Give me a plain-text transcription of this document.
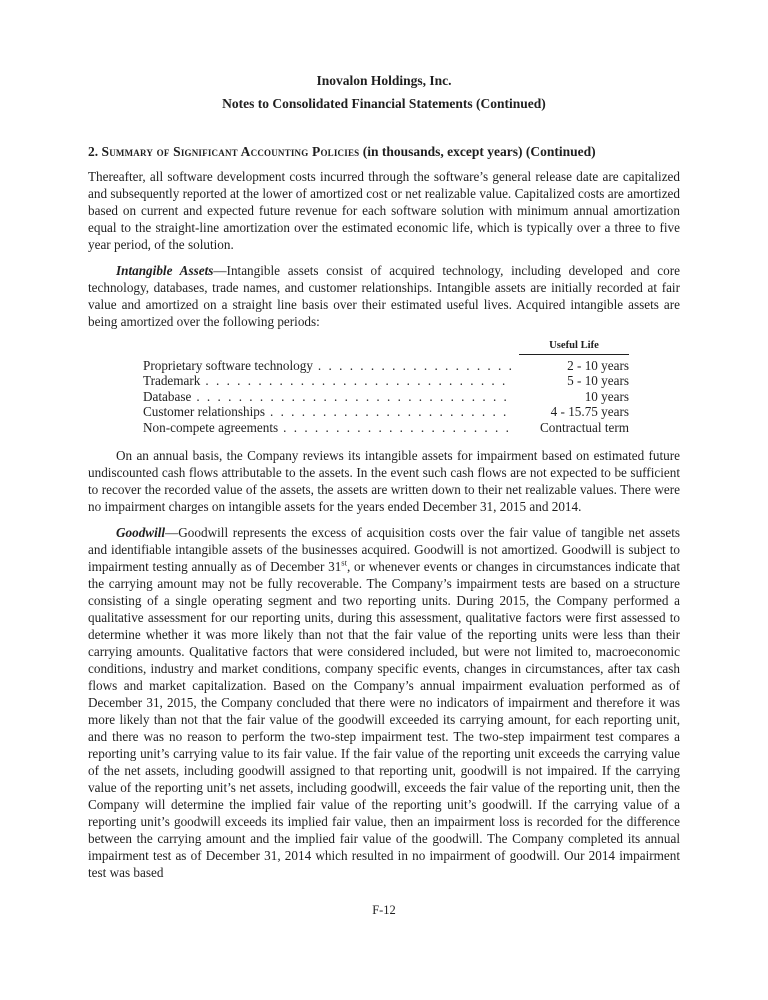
Inovalon Holdings, Inc.
Notes to Consolidated Financial Statements (Continued)
2. Summary of Significant Accounting Policies (in thousands, except years) (Continued)

Thereafter, all software development costs incurred through the software’s general release date are capitalized and subsequently reported at the lower of amortized cost or net realizable value. Capitalized costs are amortized based on current and expected future revenue for each software solution with minimum annual amortization equal to the straight-line amortization over the estimated economic life, which is typically over a three to five year period, of the solution.

Intangible Assets—Intangible assets consist of acquired technology, including developed and core technology, databases, trade names, and customer relationships. Intangible assets are initially recorded at fair value and amortized on a straight line basis over their estimated useful lives. Acquired intangible assets are being amortized over the following periods:

Useful Life
Proprietary software technology . . .	2 - 10 years
Trademark . . .	5 - 10 years
Database . . .	10 years
Customer relationships . . .	4 - 15.75 years
Non-compete agreements . . .	Contractual term

On an annual basis, the Company reviews its intangible assets for impairment based on estimated future undiscounted cash flows attributable to the assets. In the event such cash flows are not expected to be sufficient to recover the recorded value of the assets, the assets are written down to their net realizable values. There were no impairment charges on intangible assets for the years ended December 31, 2015 and 2014.

Goodwill—Goodwill represents the excess of acquisition costs over the fair value of tangible net assets and identifiable intangible assets of the businesses acquired. Goodwill is not amortized. Goodwill is subject to impairment testing annually as of December 31st, or whenever events or changes in circumstances indicate that the carrying amount may not be fully recoverable. The Company’s impairment tests are based on a structure consisting of a single operating segment and two reporting units. During 2015, the Company performed a qualitative assessment for our reporting units, during this assessment, qualitative factors were first assessed to determine whether it was more likely than not that the fair value of the reporting units were less than their carrying amounts. Qualitative factors that were considered included, but were not limited to, macroeconomic conditions, industry and market conditions, company specific events, changes in circumstances, after tax cash flows and market capitalization. Based on the Company’s annual impairment evaluation performed as of December 31, 2015, the Company concluded that there were no indicators of impairment and therefore it was more likely than not that the fair value of the goodwill exceeded its carrying amount, for each reporting unit, and there was no reason to perform the two-step impairment test. The two-step impairment test compares a reporting unit’s carrying value to its fair value. If the fair value of the reporting unit exceeds the carrying value of the net assets, including goodwill assigned to that reporting unit, goodwill is not impaired. If the carrying value of the reporting unit’s net assets, including goodwill, exceeds the fair value of the reporting unit, then the Company will determine the implied fair value of the reporting unit’s goodwill. If the carrying value of a reporting unit’s goodwill exceeds its implied fair value, then an impairment loss is recorded for the difference between the carrying amount and the implied fair value of the goodwill. The Company completed its annual impairment test as of December 31, 2014 which resulted in no impairment of goodwill. Our 2014 impairment test was based

F-12
